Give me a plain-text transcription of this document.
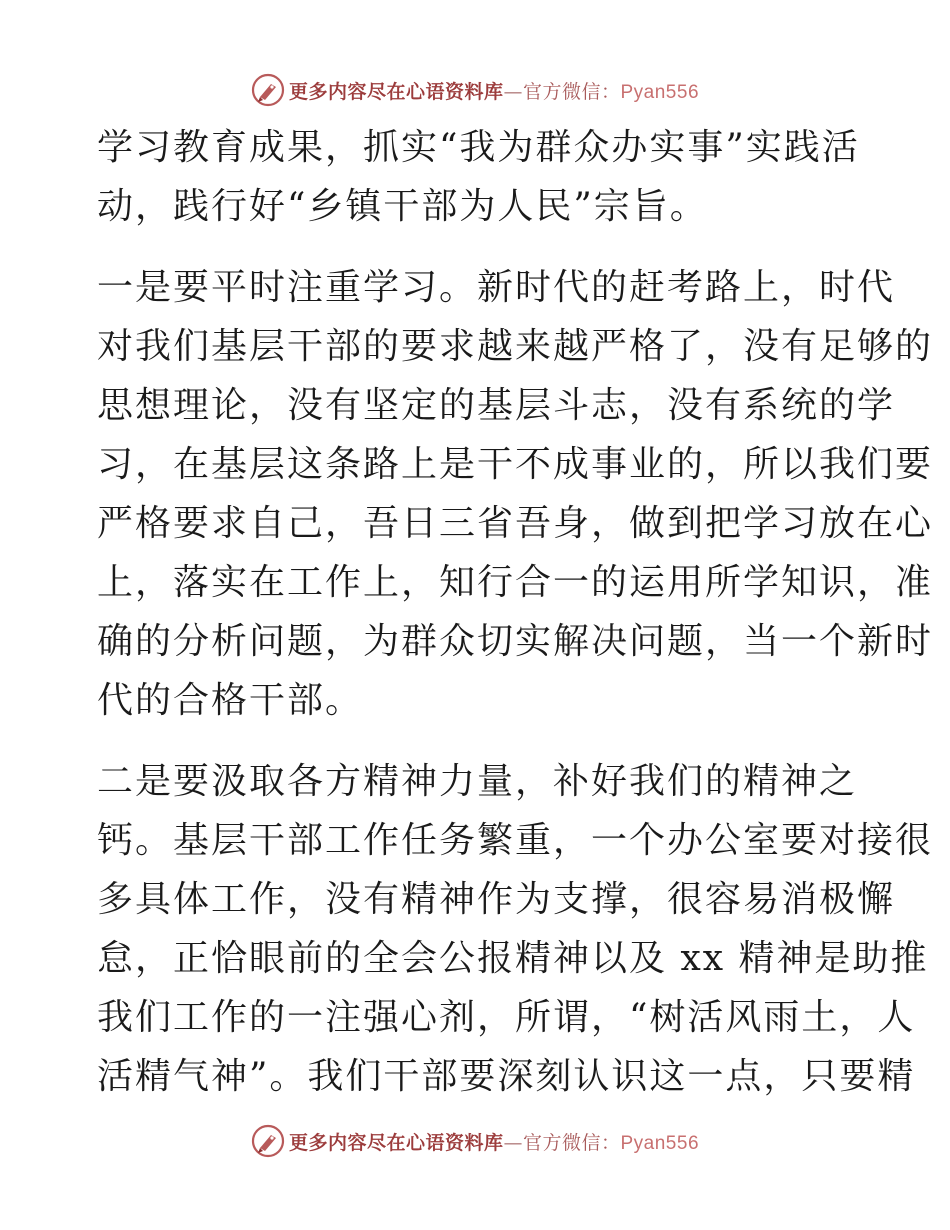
更多内容尽在心语资料库—官方微信：Pyan556
学习教育成果，抓实“我为群众办实事”实践活
动，践行好“乡镇干部为人民”宗旨。
一是要平时注重学习。新时代的赶考路上，时代
对我们基层干部的要求越来越严格了，没有足够的
思想理论，没有坚定的基层斗志，没有系统的学
习，在基层这条路上是干不成事业的，所以我们要
严格要求自己，吾日三省吾身，做到把学习放在心
上，落实在工作上，知行合一的运用所学知识，准
确的分析问题，为群众切实解决问题，当一个新时
代的合格干部。
二是要汲取各方精神力量，补好我们的精神之
钙。基层干部工作任务繁重，一个办公室要对接很
多具体工作，没有精神作为支撑，很容易消极懈
怠，正恰眼前的全会公报精神以及 xx 精神是助推
我们工作的一注强心剂，所谓，“树活风雨土，人
活精气神”。我们干部要深刻认识这一点，只要精
更多内容尽在心语资料库—官方微信：Pyan556
